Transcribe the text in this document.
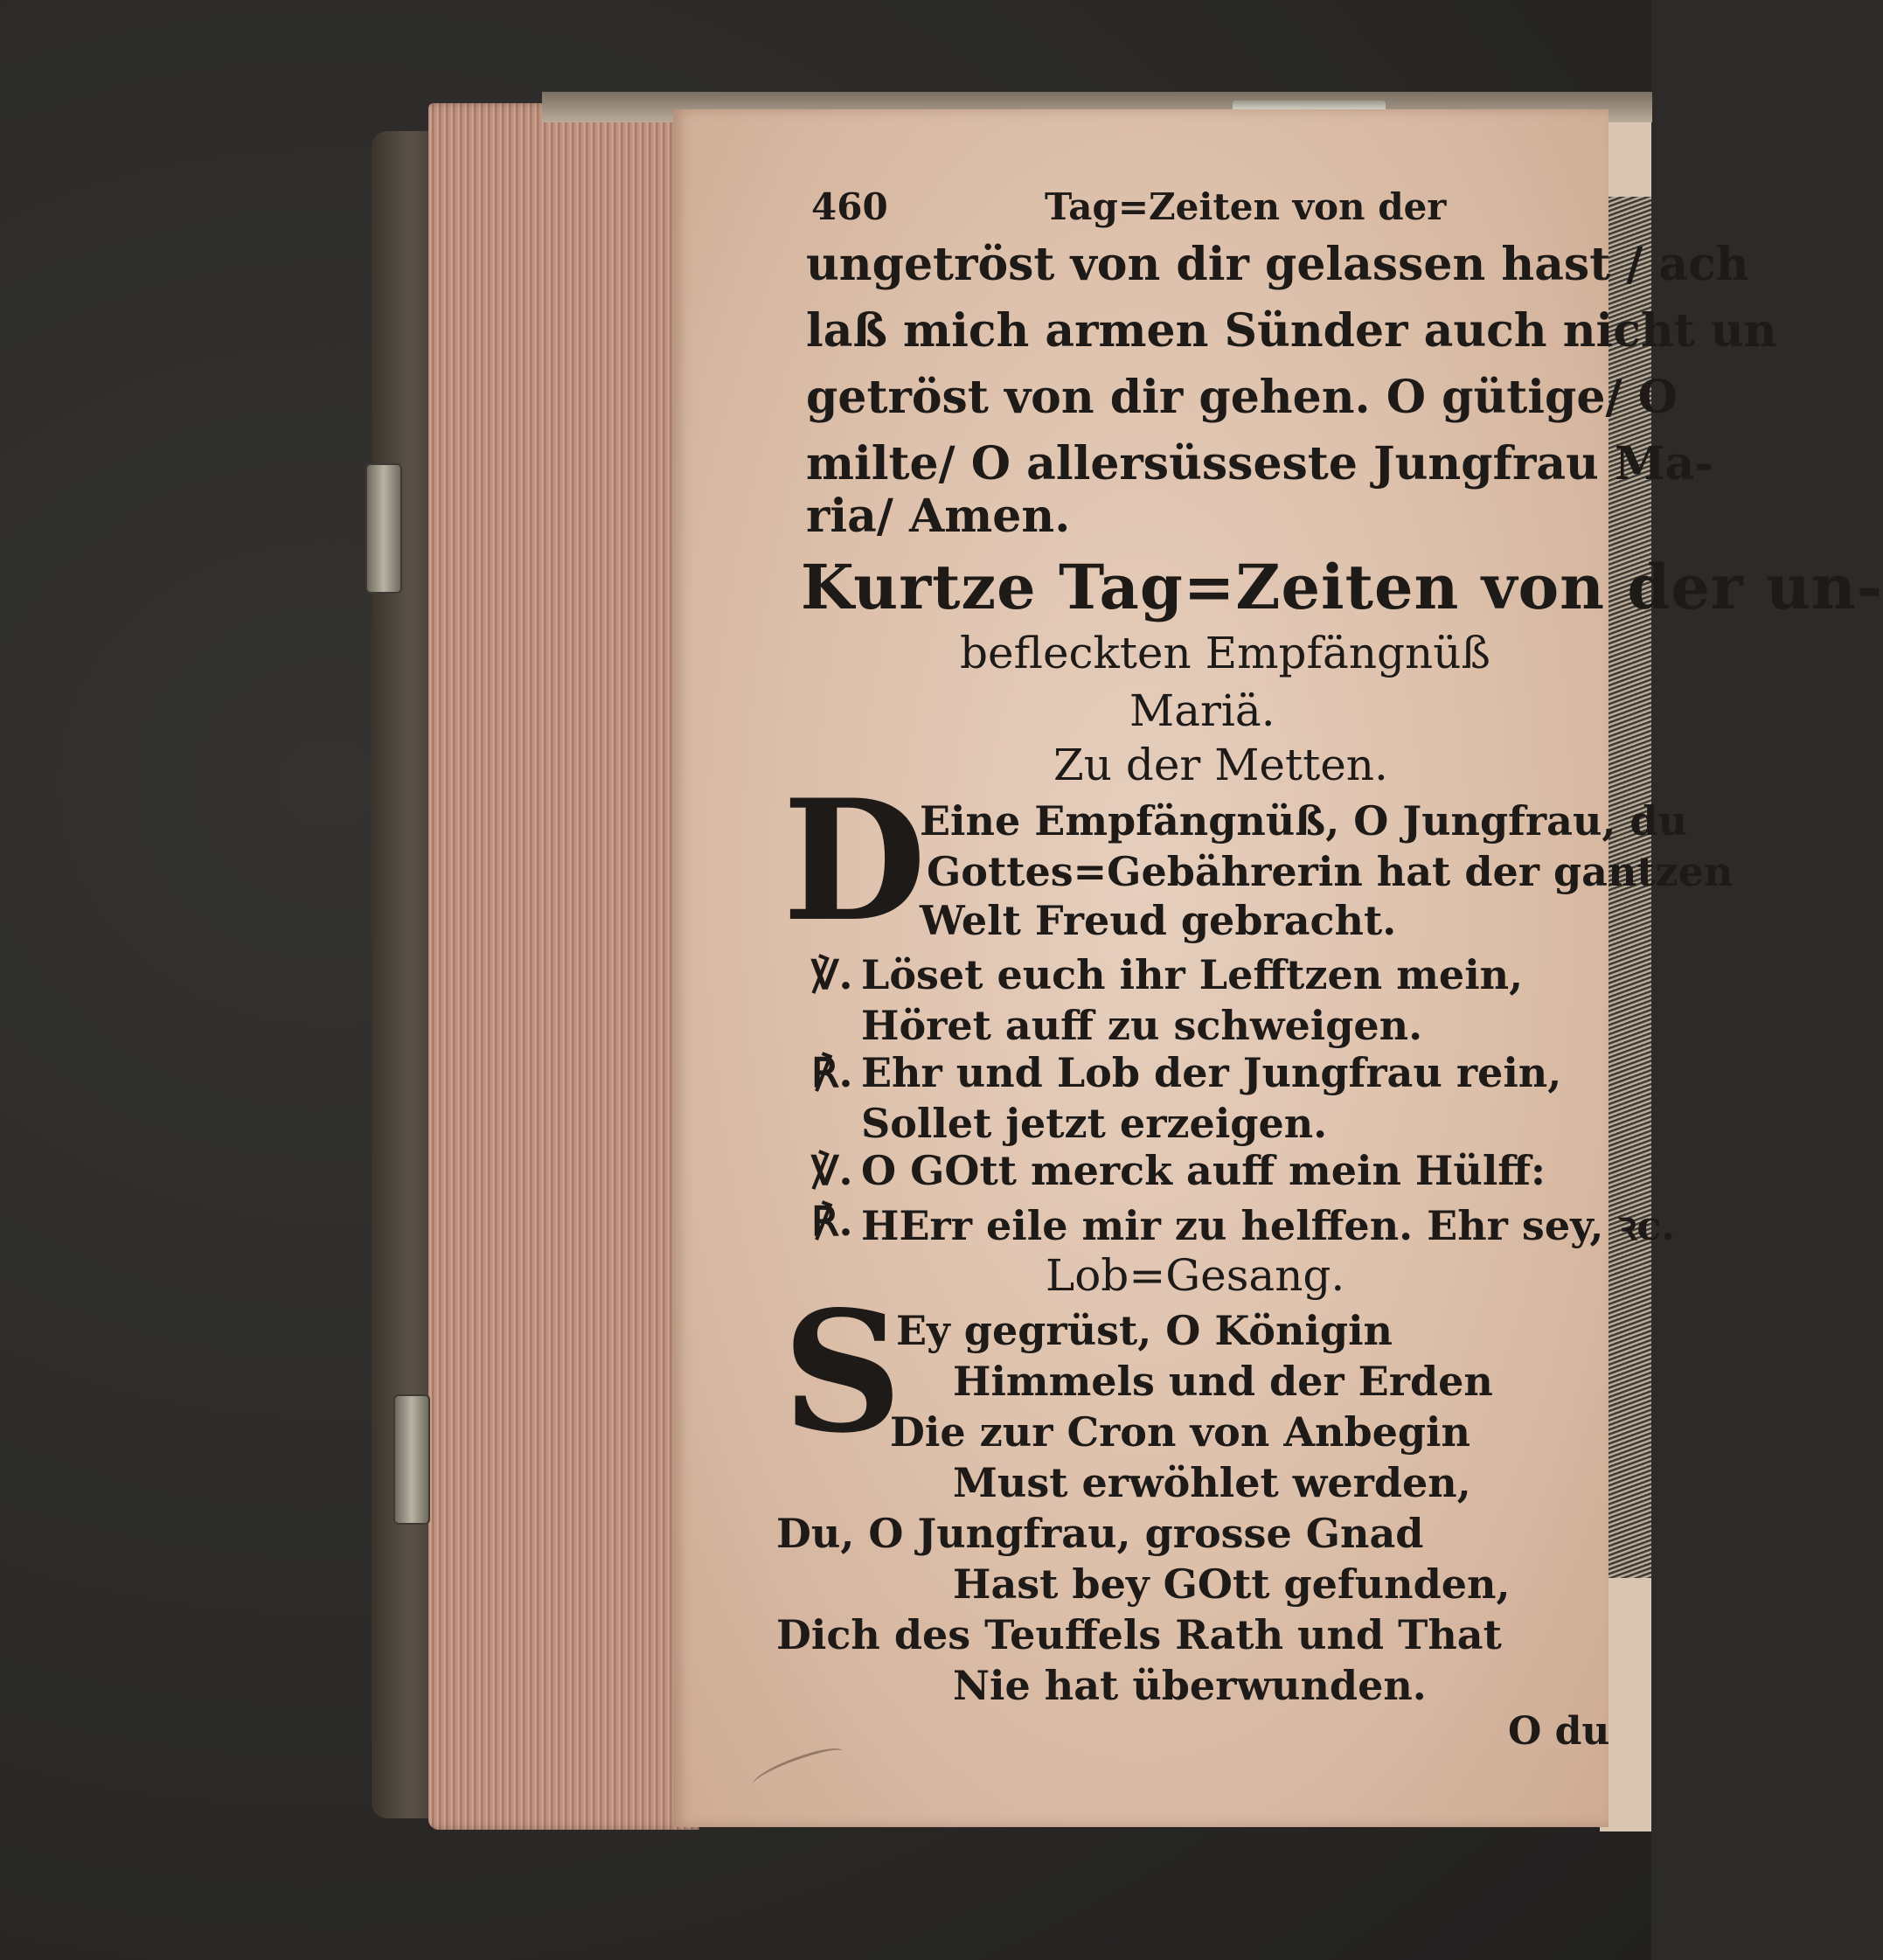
460	Tag=Zeiten von der
ungetröst von dir gelassen hast / ach
laß mich armen Sünder auch nicht un
getröst von dir gehen. O gütige/ O
milte/ O allersüsseste Jungfrau Ma-
ria/ Amen.
Kurtze Tag=Zeiten von der un-
befleckten Empfängnüß
Mariä.
Zu der Metten.
D
Eine Empfängnüß, O Jungfrau, du
Gottes=Gebährerin hat der gantzen
Welt Freud gebracht.
℣. Löset euch ihr Lefftzen mein,
Höret auff zu schweigen.
℟. Ehr und Lob der Jungfrau rein,
Sollet jetzt erzeigen.
℣. O GOtt merck auff mein Hülff:
℟. HErr eile mir zu helffen. Ehr sey, ꝛc.
Lob=Gesang.
S
Ey gegrüst, O Königin
Himmels und der Erden
Die zur Cron von Anbegin
Must erwöhlet werden,
Du, O Jungfrau, grosse Gnad
Hast bey GOtt gefunden,
Dich des Teuffels Rath und That
Nie hat überwunden.
O du
